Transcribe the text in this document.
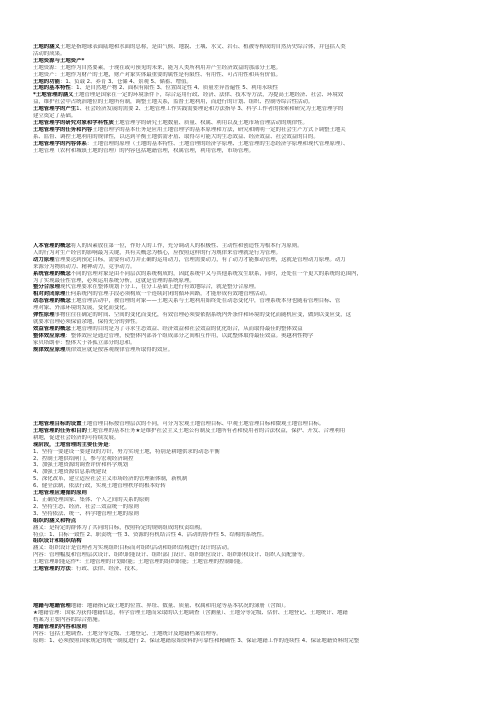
土地的涵义土地是指地球表面陆地和水面的总称，是由气候、地貌、土壤、水文、岩石、植被等构成的自然历史综合体，并包括人类
活动的成果。
土地资源与土地资产*
土地资源：土地作为自然要素，于现在或可预见的未来，能为人类所利用并产生经济效益的那部分土地。
土地资产：土地作为财产的土地，财产对象实体最重要的属性是有限性、有用性、可占用性和具有价值。
土地的功能：1、负载 2、养育 3、仓储 4、景观 5、储蓄、增值。
土地的基本特性：1、是自然地产物 2、面积有限性 3、位置固定性 4、质量差异普遍性 5、利用永续性
*土地管理的涵义土地管理是国家在一定的环境条件下，综合运用行政、经济、法律、技术等方法，为提高土地经济、社会、环境效
益，维护社会中占统治地位的土地所有制，调整土地关系，监督土地利用，而进行的计划、组织、控制等综合性活动。
土地管理学的产生1、社会经济发展的需要 2、土地管理工作实践需要理论和方法指导 3、科学工作者的探索和研究为土地管理学的
建立奠定了基础。
土地管理学的研究对象和学科性质土地管理学的研究土地数量、质量、权属、利用以及土地市场管理活动的规律性。
土地管理学的任务和内容土地管理学的基本任务是应用土地管理学的基本原理和方法，研究和阐明一定的社会生产方式下调整土地关
系、监督、调控土地利用的规律性，以达到平衡土地供需矛盾、取得尽可能大的生态效益、经济效益、社会效益的目的。
土地管理学的内容体系：土地管理的原理（土地的基本特性、土地管理的经济学原理、土地管理的生态经济学原理和现代管理原理）、
土地管理（农村和城镇土地的管理）的内容包括地籍管理，权属管理，利用管理，市场管理。
人本管理的概念将人的因素放在第一位，作好人的工作，充分调动人的积极性、主动性和创造性为根本行为原则。
人的行为对生产经营的影响最为关键，其有关概念为核心，应按照这样的行为规律来管理就是行为管理。
动力原理管理要达到预定目标，需要有动力并正确的运用动力，管理需要动力，有了动力才能推动管理，这就是管理动力原理。动力
来源分为物质动力、精神动力，竞争动力。
系统管理的概念不同的管理对象是由不同层次的系统构成的，因此系统中又与其他系统发生联系，同时，还处在一个更大的系统的范围内，
为了实现最佳性管理，必须运用系统分析，这就是管理的系统原理。
整分合原理现代管理要求在整体规划下分工，在分工基础上进行有效地综合，就是整分合原理。
相对封闭原理任何系统内的管理手段必须构成一个连续封闭的循环回路，才能形成有效地管理活动。
动态管理的概念土地管理活动中，被管理的对象——土地关系与土地利用始终处在动态变化中，管理系统本身也随着管理目标、管
理对象、外部环境的发展，变化而变化。
弹性原理事物往往在确定的时间、空间的变化而变化，有效管理必须要依据系统内外条件和环境的变化而随机应变，做到以变应变，这
就要求管理必须保留余地，保持充分的弹性。
效益管理的概念土地管理的目的是为了寻求生态效益、经济效益和社会效益的优化组合，从而取得最佳的整体效益
整体效应原理：整体效应是通过管理，使整体内部各个组成部分之间相互作用，以此整体取得最佳效益。奥越利性物学
家贝塔朗菲：整体大于各孤立部分的总和。
规律效应原理规律效应就是按客观规律管理所取得的效应。
土地管理目标的设置土地管理目标按管理层次的不同，可分为宏观土地管理目标、中观土地管理目标和微观土地管理目标。
土地管理的任务和目的土地管理的基本任务★是维护社会主义土地公有制及土地所有者和使用者的合法权益，保护、开发、合理利用
耕地，促进社会经济的可持续发展。
现阶段，土地管理的主要任务是：
1、坚持一要建设一要建设的方针，努力实现土地，特别是耕地供求的动态平衡
2、控制土地供给闸门，参与宏观经济调控
3、加强土地资源的调查评价和科学规划
4、加强土地资源信息系统建设
5、深化改革，建立适应社会主义市场经济的管理新体制，新机制
6、健全法制，依法行政，实现土地管理秩序的根本好转
土地管理应遵循的原则
1、正确处理国家、集体、个人之间的关系的原则
2、坚持生态、经济、社会三效益统一的原则
3、坚持依法、统一、科学地管理土地的原则
组织的涵义和特点
涵义：是特定的群体为了共同的目标，按照特定的规则组成的权责结构。
特点：1、目标一致性 2、职责统一性 3、资源的有机结合性 4、活动的协作性 5、结构的系统性。
组织设计和组织结构
涵义：组织设计是管理者为实现组织目标而对组织活动和组织结构进行设计的活动。
内容：管理幅度和管理层次设计、组织职能设计、组织部门设计、组织职位设计、组织职权设计、组织人员配备等。
土地管理职能运作*：土地管理的计划职能；土地管理的组织职能；土地管理的控制职能。
土地管理的方法：行政、法律、经济、技术。
地籍与地籍管理地籍：地籍指记载土地的位置、界址、数量、质量、权属和用途等基本状况的簿册（含图）。
★地籍管理：国家为获得地籍信息，科学管理土地而采取的以土地调查（含测量）、土地分等定级、估价、土地登记、土地统计、地籍
档案为主要内容的综合措施。
地籍管理的内容和原则
内容：包括土地调查、土地分等定级、土地登记、土地统计及地籍档案管理等。
原则：1、必须按照国家规定的统一制度进行 2、保证地籍原始资料的可靠性和精确性 3、保证地籍工作的连续性 4、保证地籍资料的完整
